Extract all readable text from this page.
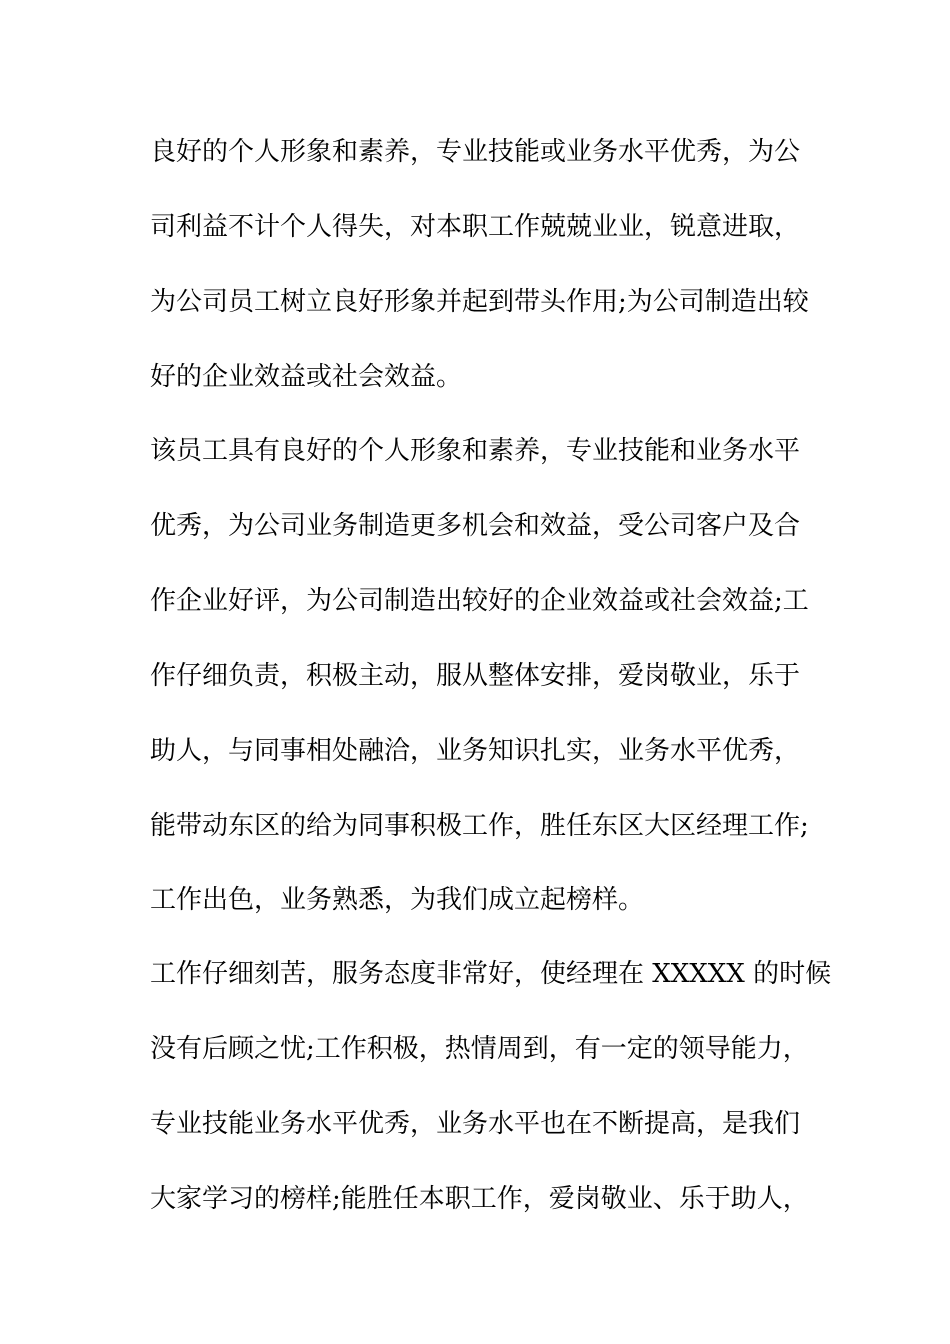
良好的个人形象和素养，专业技能或业务水平优秀，为公
司利益不计个人得失，对本职工作兢兢业业，锐意进取，
为公司员工树立良好形象并起到带头作用;为公司制造出较
好的企业效益或社会效益。
该员工具有良好的个人形象和素养，专业技能和业务水平
优秀，为公司业务制造更多机会和效益，受公司客户及合
作企业好评，为公司制造出较好的企业效益或社会效益;工
作仔细负责，积极主动，服从整体安排，爱岗敬业，乐于
助人，与同事相处融洽，业务知识扎实，业务水平优秀，
能带动东区的给为同事积极工作，胜任东区大区经理工作;
工作出色，业务熟悉，为我们成立起榜样。
工作仔细刻苦，服务态度非常好，使经理在 XXXXX 的时候
没有后顾之忧;工作积极，热情周到，有一定的领导能力，
专业技能业务水平优秀，业务水平也在不断提高，是我们
大家学习的榜样;能胜任本职工作，爱岗敬业、乐于助人，
